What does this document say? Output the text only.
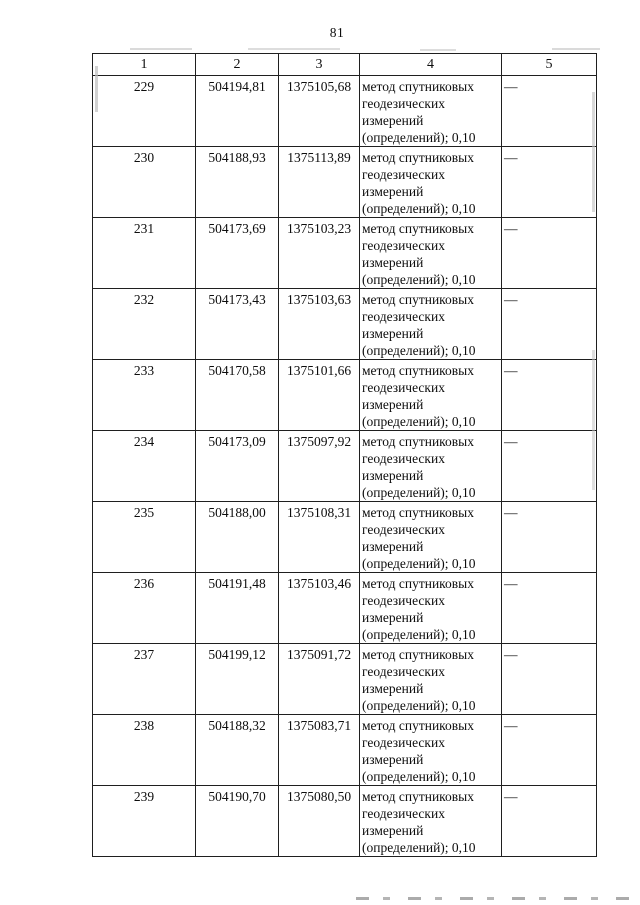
81
1	2	3	4	5
229	504194,81	1375105,68	метод спутниковых геодезических измерений (определений); 0,10	—
230	504188,93	1375113,89	метод спутниковых геодезических измерений (определений); 0,10	—
231	504173,69	1375103,23	метод спутниковых геодезических измерений (определений); 0,10	—
232	504173,43	1375103,63	метод спутниковых геодезических измерений (определений); 0,10	—
233	504170,58	1375101,66	метод спутниковых геодезических измерений (определений); 0,10	—
234	504173,09	1375097,92	метод спутниковых геодезических измерений (определений); 0,10	—
235	504188,00	1375108,31	метод спутниковых геодезических измерений (определений); 0,10	—
236	504191,48	1375103,46	метод спутниковых геодезических измерений (определений); 0,10	—
237	504199,12	1375091,72	метод спутниковых геодезических измерений (определений); 0,10	—
238	504188,32	1375083,71	метод спутниковых геодезических измерений (определений); 0,10	—
239	504190,70	1375080,50	метод спутниковых геодезических измерений (определений); 0,10	—
